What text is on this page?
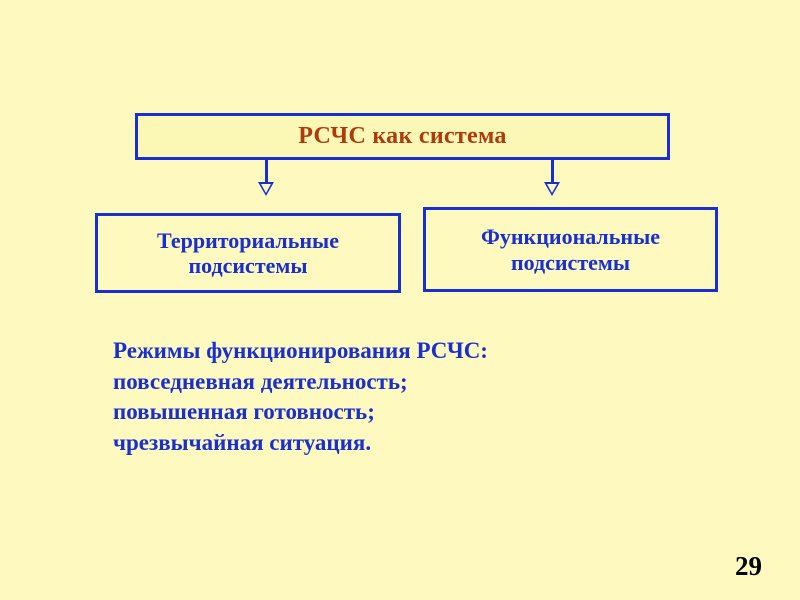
РСЧС как система
Территориальные
подсистемы
Функциональные
подсистемы
Режимы функционирования РСЧС:
повседневная деятельность;
повышенная готовность;
чрезвычайная ситуация.
29
